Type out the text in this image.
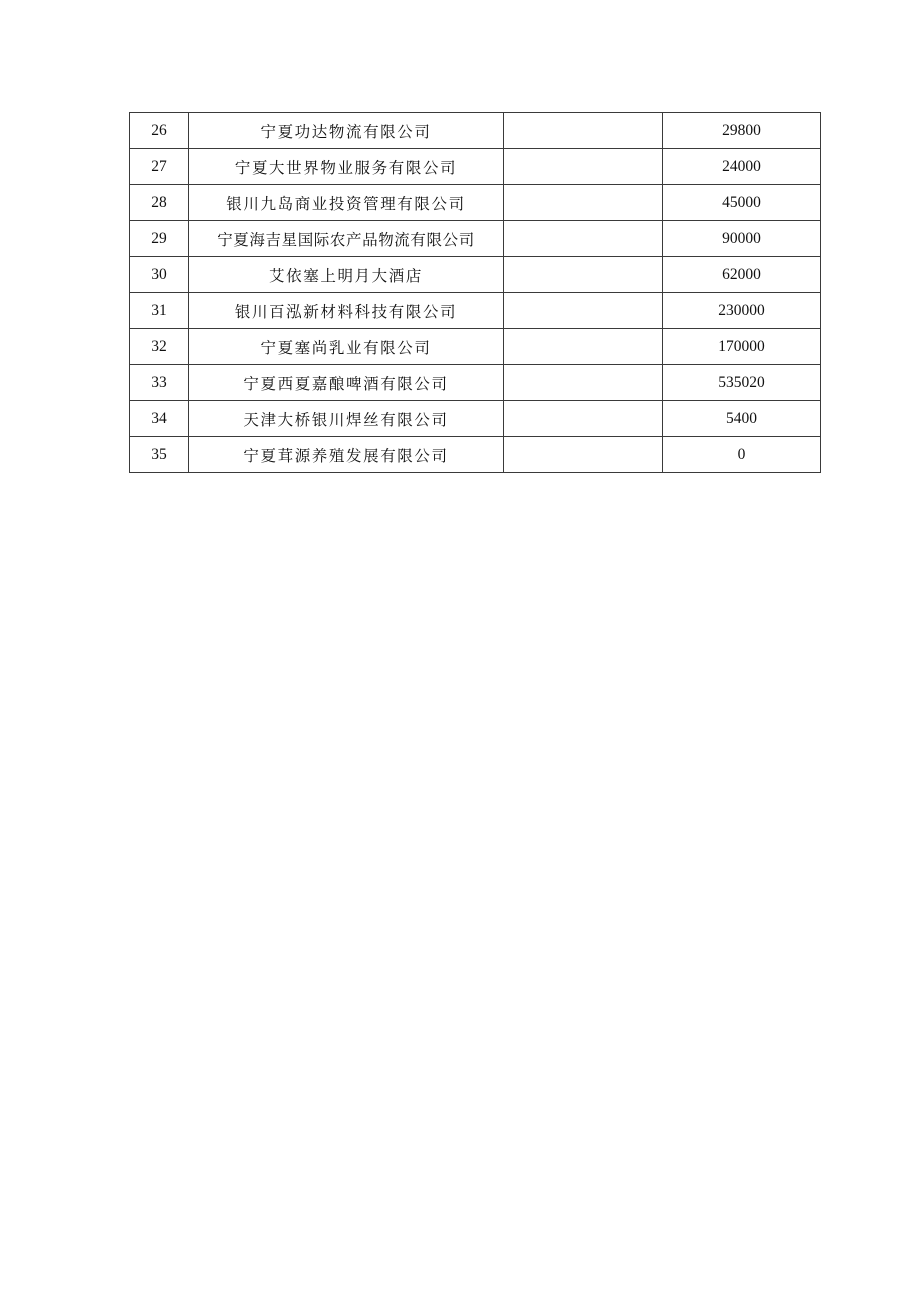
26	宁夏功达物流有限公司		29800
27	宁夏大世界物业服务有限公司		24000
28	银川九岛商业投资管理有限公司		45000
29	宁夏海吉星国际农产品物流有限公司		90000
30	艾依塞上明月大酒店		62000
31	银川百泓新材料科技有限公司		230000
32	宁夏塞尚乳业有限公司		170000
33	宁夏西夏嘉酿啤酒有限公司		535020
34	天津大桥银川焊丝有限公司		5400
35	宁夏茸源养殖发展有限公司		0
